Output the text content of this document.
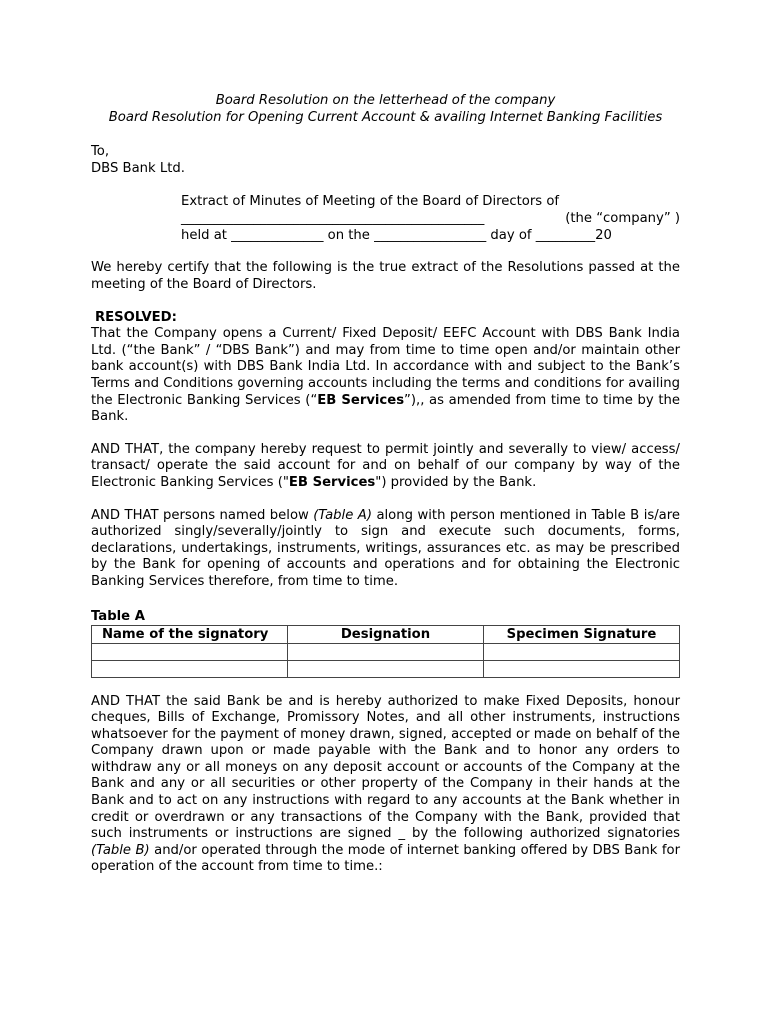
Board Resolution on the letterhead of the company

Board Resolution for Opening Current Account & availing Internet Banking Facilities

To,
DBS Bank Ltd.
Extract of Minutes of Meeting of the Board of Directors of
______________________________________________	(the “company” )
held at ______________ on the _________________ day of _________20

We hereby certify that the following is the true extract of the Resolutions passed at the meeting of the Board of Directors.

RESOLVED:

That the Company opens a Current/ Fixed Deposit/ EEFC Account with DBS Bank India Ltd. (“the Bank” / “DBS Bank”) and may from time to time open and/or maintain other bank account(s) with DBS Bank India Ltd. In accordance with and subject to the Bank’s Terms and Conditions governing accounts including the terms and conditions for availing the Electronic Banking Services (“EB Services”),, as amended from time to time by the Bank.

AND THAT, the company hereby request to permit jointly and severally to view/ access/ transact/ operate the said account for and on behalf of our company by way of the Electronic Banking Services ("EB Services") provided by the Bank.

AND THAT persons named below (Table A) along with person mentioned in Table B is/are authorized singly/severally/jointly to sign and execute such documents, forms, declarations, undertakings, instruments, writings, assurances etc. as may be prescribed by the Bank for opening of accounts and operations and for obtaining the Electronic Banking Services therefore, from time to time.

Table A
Name of the signatory	Designation	Specimen Signature

AND THAT the said Bank be and is hereby authorized to make Fixed Deposits, honour cheques, Bills of Exchange, Promissory Notes, and all other instruments, instructions whatsoever for the payment of money drawn, signed, accepted or made on behalf of the Company drawn upon or made payable with the Bank and to honor any orders to withdraw any or all moneys on any deposit account or accounts of the Company at the Bank and any or all securities or other property of the Company in their hands at the Bank and to act on any instructions with regard to any accounts at the Bank whether in credit or overdrawn or any transactions of the Company with the Bank, provided that such instruments or instructions are signed _ by the following authorized signatories (Table B) and/or operated through the mode of internet banking offered by DBS Bank for operation of the account from time to time.:
